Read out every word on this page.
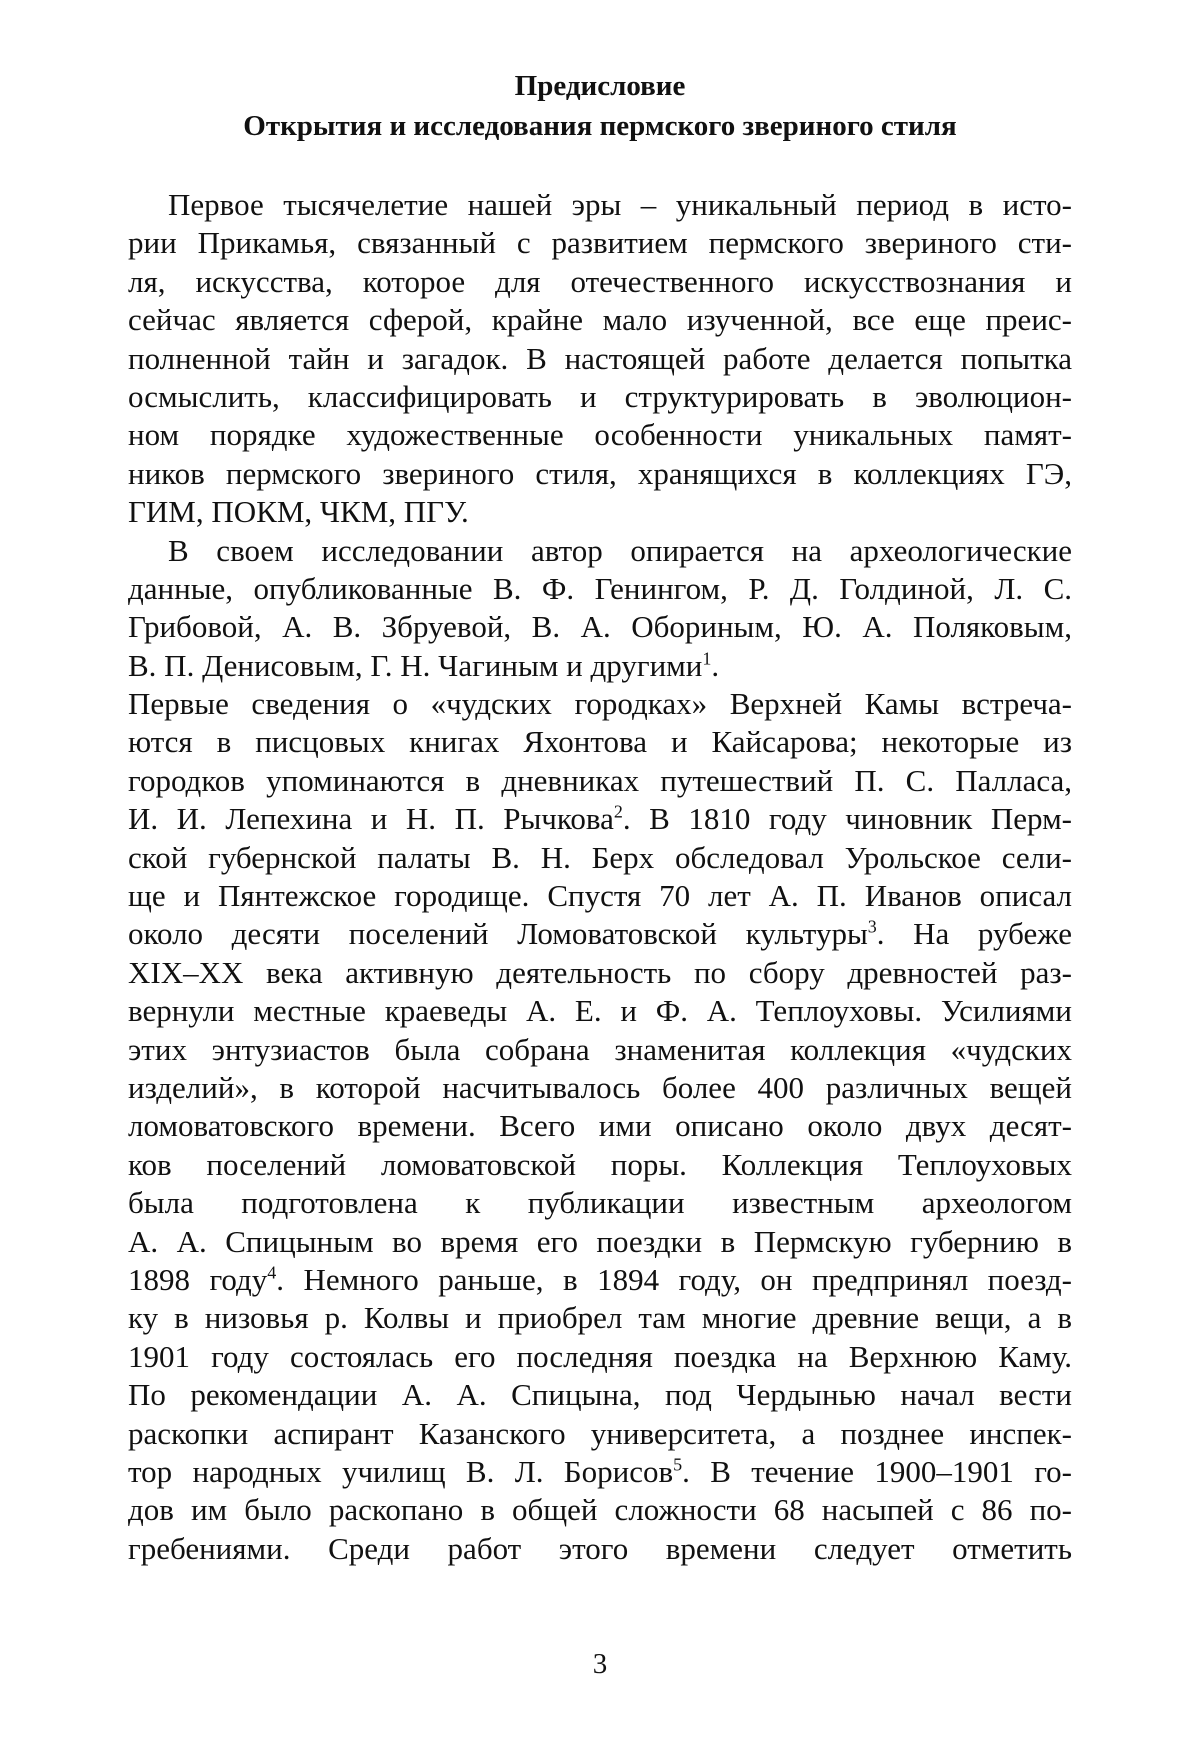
Предисловие
Открытия и исследования пермского звериного стиля
Первое тысячелетие нашей эры – уникальный период в исто-
рии Прикамья, связанный с развитием пермского звериного сти-
ля, искусства, которое для отечественного искусствознания и
сейчас является сферой, крайне мало изученной, все еще преис-
полненной тайн и загадок. В настоящей работе делается попытка
осмыслить, классифицировать и структурировать в эволюцион-
ном порядке художественные особенности уникальных памят-
ников пермского звериного стиля, хранящихся в коллекциях ГЭ,
ГИМ, ПОКМ, ЧКМ, ПГУ.
В своем исследовании автор опирается на археологические
данные, опубликованные В. Ф. Генингом, Р. Д. Голдиной, Л. С.
Грибовой, А. В. Збруевой, В. А. Обориным, Ю. А. Поляковым,
В. П. Денисовым, Г. Н. Чагиным и другими$^1$.
Первые сведения о «чудских городках» Верхней Камы встреча-
ются в писцовых книгах Яхонтова и Кайсарова; некоторые из
городков упоминаются в дневниках путешествий П. С. Палласа,
И. И. Лепехина и Н. П. Рычкова$^2$. В 1810 году чиновник Перм-
ской губернской палаты В. Н. Берх обследовал Урольское сели-
ще и Пянтежское городище. Спустя 70 лет А. П. Иванов описал
около десяти поселений Ломоватовской культуры$^3$. На рубеже
XIX–XX века активную деятельность по сбору древностей раз-
вернули местные краеведы А. Е. и Ф. А. Теплоуховы. Усилиями
этих энтузиастов была собрана знаменитая коллекция «чудских
изделий», в которой насчитывалось более 400 различных вещей
ломоватовского времени. Всего ими описано около двух десят-
ков поселений ломоватовской поры. Коллекция Теплоуховых
была подготовлена к публикации известным археологом
А. А. Спицыным во время его поездки в Пермскую губернию в
1898 году$^4$. Немного раньше, в 1894 году, он предпринял поезд-
ку в низовья р. Колвы и приобрел там многие древние вещи, а в
1901 году состоялась его последняя поездка на Верхнюю Каму.
По рекомендации А. А. Спицына, под Чердынью начал вести
раскопки аспирант Казанского университета, а позднее инспек-
тор народных училищ В. Л. Борисов$^5$. В течение 1900–1901 го-
дов им было раскопано в общей сложности 68 насыпей с 86 по-
гребениями. Среди работ этого времени следует отметить
3
